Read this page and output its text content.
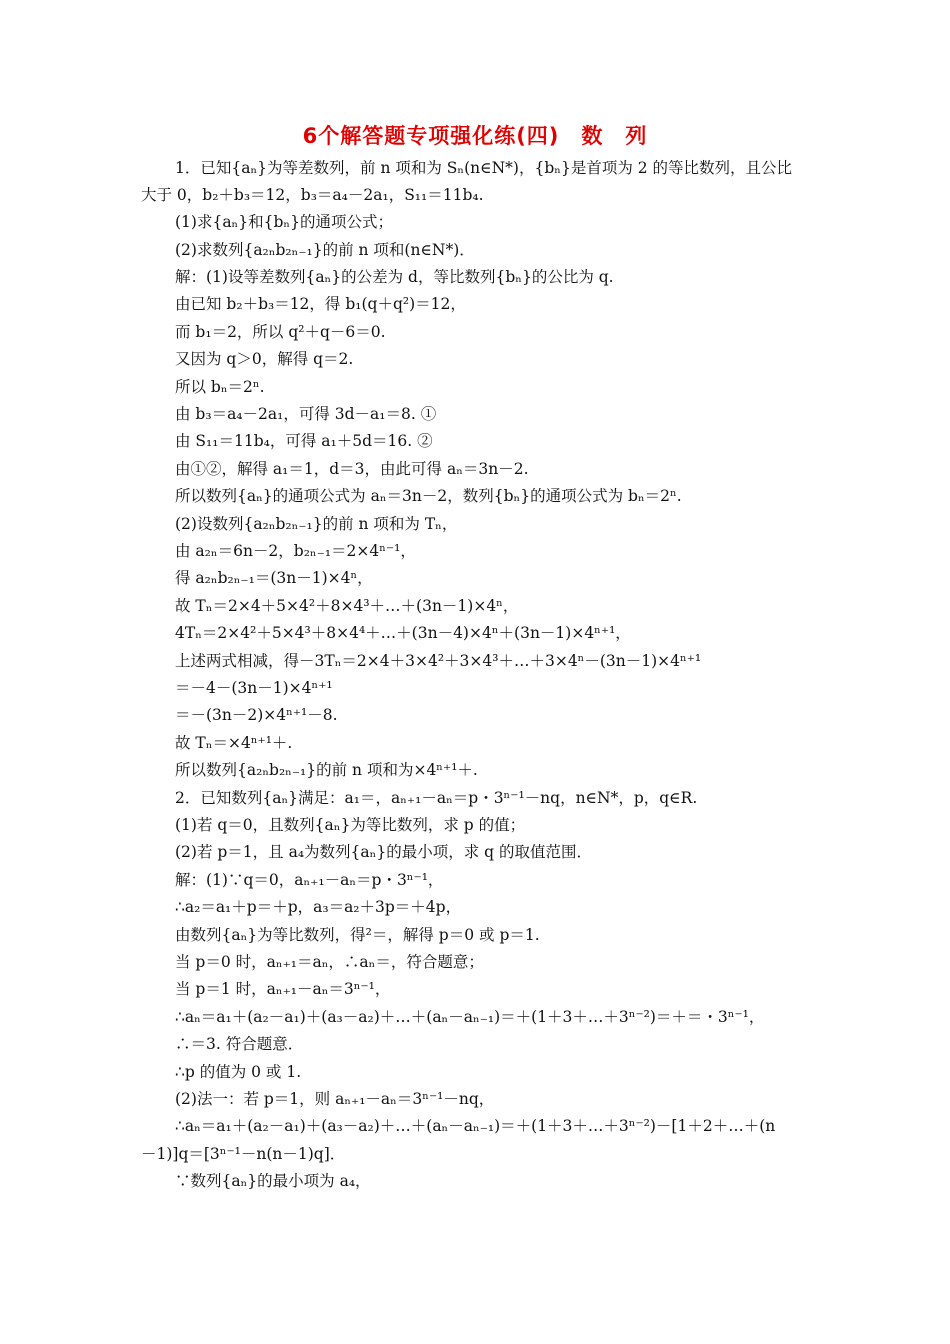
6个解答题专项强化练(四)　数　列
1．已知{aₙ}为等差数列，前 n 项和为 Sₙ(n∈N*)，{bₙ}是首项为 2 的等比数列，且公比
大于 0，b₂＋b₃＝12，b₃＝a₄－2a₁，S₁₁＝11b₄.
(1)求{aₙ}和{bₙ}的通项公式；
(2)求数列{a₂ₙb₂ₙ₋₁}的前 n 项和(n∈N*)．
解：(1)设等差数列{aₙ}的公差为 d，等比数列{bₙ}的公比为 q.
由已知 b₂＋b₃＝12，得 b₁(q＋q²)＝12，
而 b₁＝2，所以 q²＋q－6＝0.
又因为 q＞0，解得 q＝2.
所以 bₙ＝2ⁿ.
由 b₃＝a₄－2a₁，可得 3d－a₁＝8. ①
由 S₁₁＝11b₄，可得 a₁＋5d＝16. ②
由①②，解得 a₁＝1，d＝3，由此可得 aₙ＝3n－2.
所以数列{aₙ}的通项公式为 aₙ＝3n－2，数列{bₙ}的通项公式为 bₙ＝2ⁿ.
(2)设数列{a₂ₙb₂ₙ₋₁}的前 n 项和为 Tₙ，
由 a₂ₙ＝6n－2，b₂ₙ₋₁＝2×4ⁿ⁻¹，
得 a₂ₙb₂ₙ₋₁＝(3n－1)×4ⁿ，
故 Tₙ＝2×4＋5×4²＋8×4³＋…＋(3n－1)×4ⁿ，
4Tₙ＝2×4²＋5×4³＋8×4⁴＋…＋(3n－4)×4ⁿ＋(3n－1)×4ⁿ⁺¹，
上述两式相减，得－3Tₙ＝2×4＋3×4²＋3×4³＋…＋3×4ⁿ－(3n－1)×4ⁿ⁺¹
＝－4－(3n－1)×4ⁿ⁺¹
＝－(3n－2)×4ⁿ⁺¹－8.
故 Tₙ＝×4ⁿ⁺¹＋.
所以数列{a₂ₙb₂ₙ₋₁}的前 n 项和为×4ⁿ⁺¹＋.
2．已知数列{aₙ}满足：a₁＝，aₙ₊₁－aₙ＝p・3ⁿ⁻¹－nq，n∈N*，p，q∈R.
(1)若 q＝0，且数列{aₙ}为等比数列，求 p 的值；
(2)若 p＝1，且 a₄为数列{aₙ}的最小项，求 q 的取值范围．
解：(1)∵q＝0，aₙ₊₁－aₙ＝p・3ⁿ⁻¹，
∴a₂＝a₁＋p＝＋p，a₃＝a₂＋3p＝＋4p，
由数列{aₙ}为等比数列，得²＝，解得 p＝0 或 p＝1.
当 p＝0 时，aₙ₊₁＝aₙ，∴aₙ＝，符合题意；
当 p＝1 时，aₙ₊₁－aₙ＝3ⁿ⁻¹，
∴aₙ＝a₁＋(a₂－a₁)＋(a₃－a₂)＋…＋(aₙ－aₙ₋₁)＝＋(1＋3＋…＋3ⁿ⁻²)＝＋＝・3ⁿ⁻¹，
∴＝3. 符合题意．
∴p 的值为 0 或 1.
(2)法一：若 p＝1，则 aₙ₊₁－aₙ＝3ⁿ⁻¹－nq，
∴aₙ＝a₁＋(a₂－a₁)＋(a₃－a₂)＋…＋(aₙ－aₙ₋₁)＝＋(1＋3＋…＋3ⁿ⁻²)－[1＋2＋…＋(n
－1)]q＝[3ⁿ⁻¹－n(n－1)q]．
∵数列{aₙ}的最小项为 a₄，
